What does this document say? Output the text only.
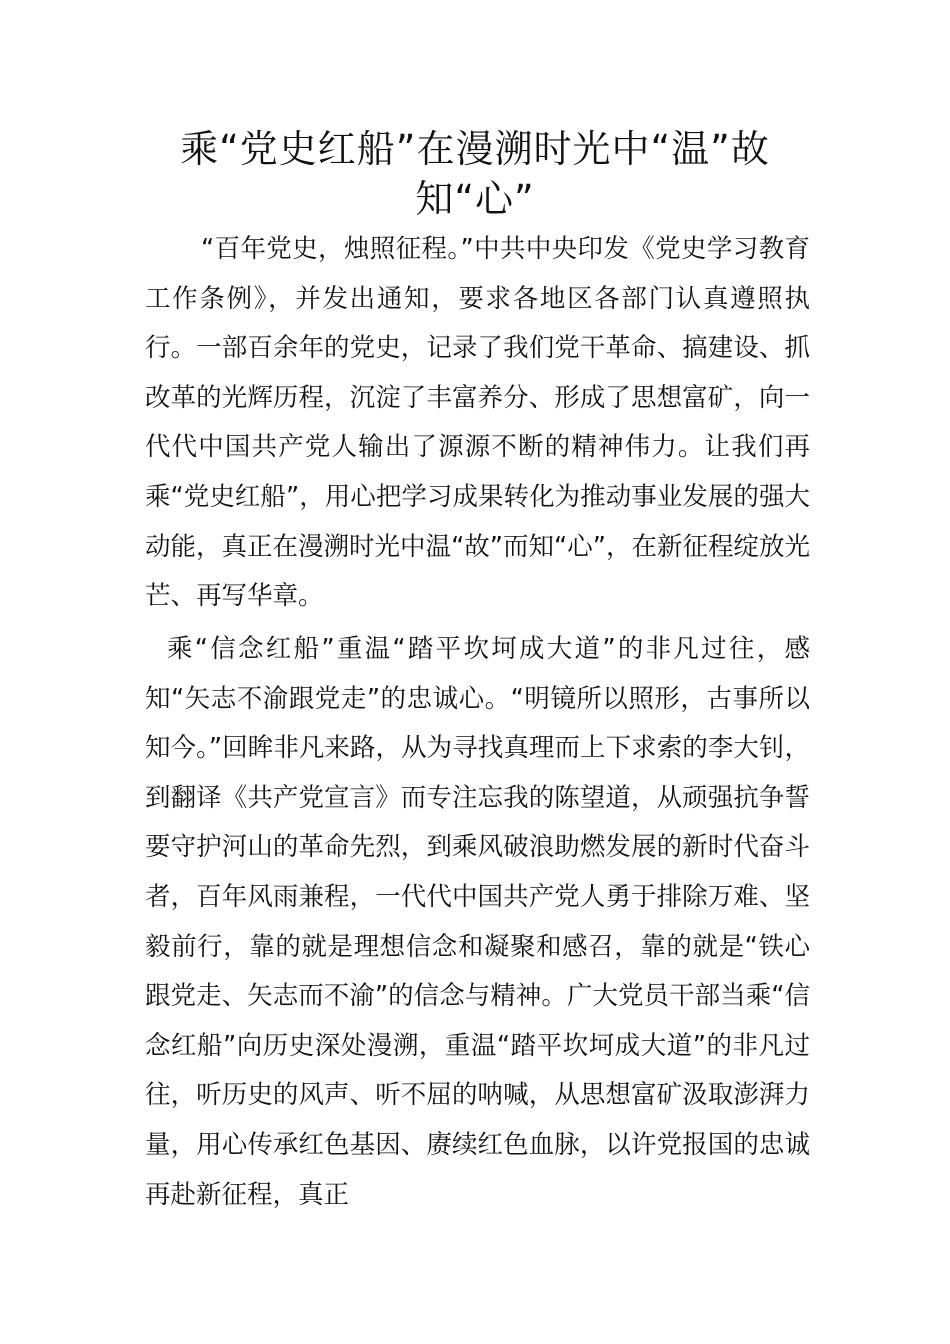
乘“党史红船”在漫溯时光中“温”故知“心”

“百年党史，烛照征程。”中共中央印发《党史学习教育工作条例》，并发出通知，要求各地区各部门认真遵照执行。一部百余年的党史，记录了我们党干革命、搞建设、抓改革的光辉历程，沉淀了丰富养分、形成了思想富矿，向一代代中国共产党人输出了源源不断的精神伟力。让我们再乘“党史红船”，用心把学习成果转化为推动事业发展的强大动能，真正在漫溯时光中温“故”而知“心”，在新征程绽放光芒、再写华章。

乘“信念红船”重温“踏平坎坷成大道”的非凡过往，感知“矢志不渝跟党走”的忠诚心。“明镜所以照形，古事所以知今。”回眸非凡来路，从为寻找真理而上下求索的李大钊，到翻译《共产党宣言》而专注忘我的陈望道，从顽强抗争誓要守护河山的革命先烈，到乘风破浪助燃发展的新时代奋斗者，百年风雨兼程，一代代中国共产党人勇于排除万难、坚毅前行，靠的就是理想信念和凝聚和感召，靠的就是“铁心跟党走、矢志而不渝”的信念与精神。广大党员干部当乘“信念红船”向历史深处漫溯，重温“踏平坎坷成大道”的非凡过往，听历史的风声、听不屈的呐喊，从思想富矿汲取澎湃力量，用心传承红色基因、赓续红色血脉，以许党报国的忠诚再赴新征程，真正
